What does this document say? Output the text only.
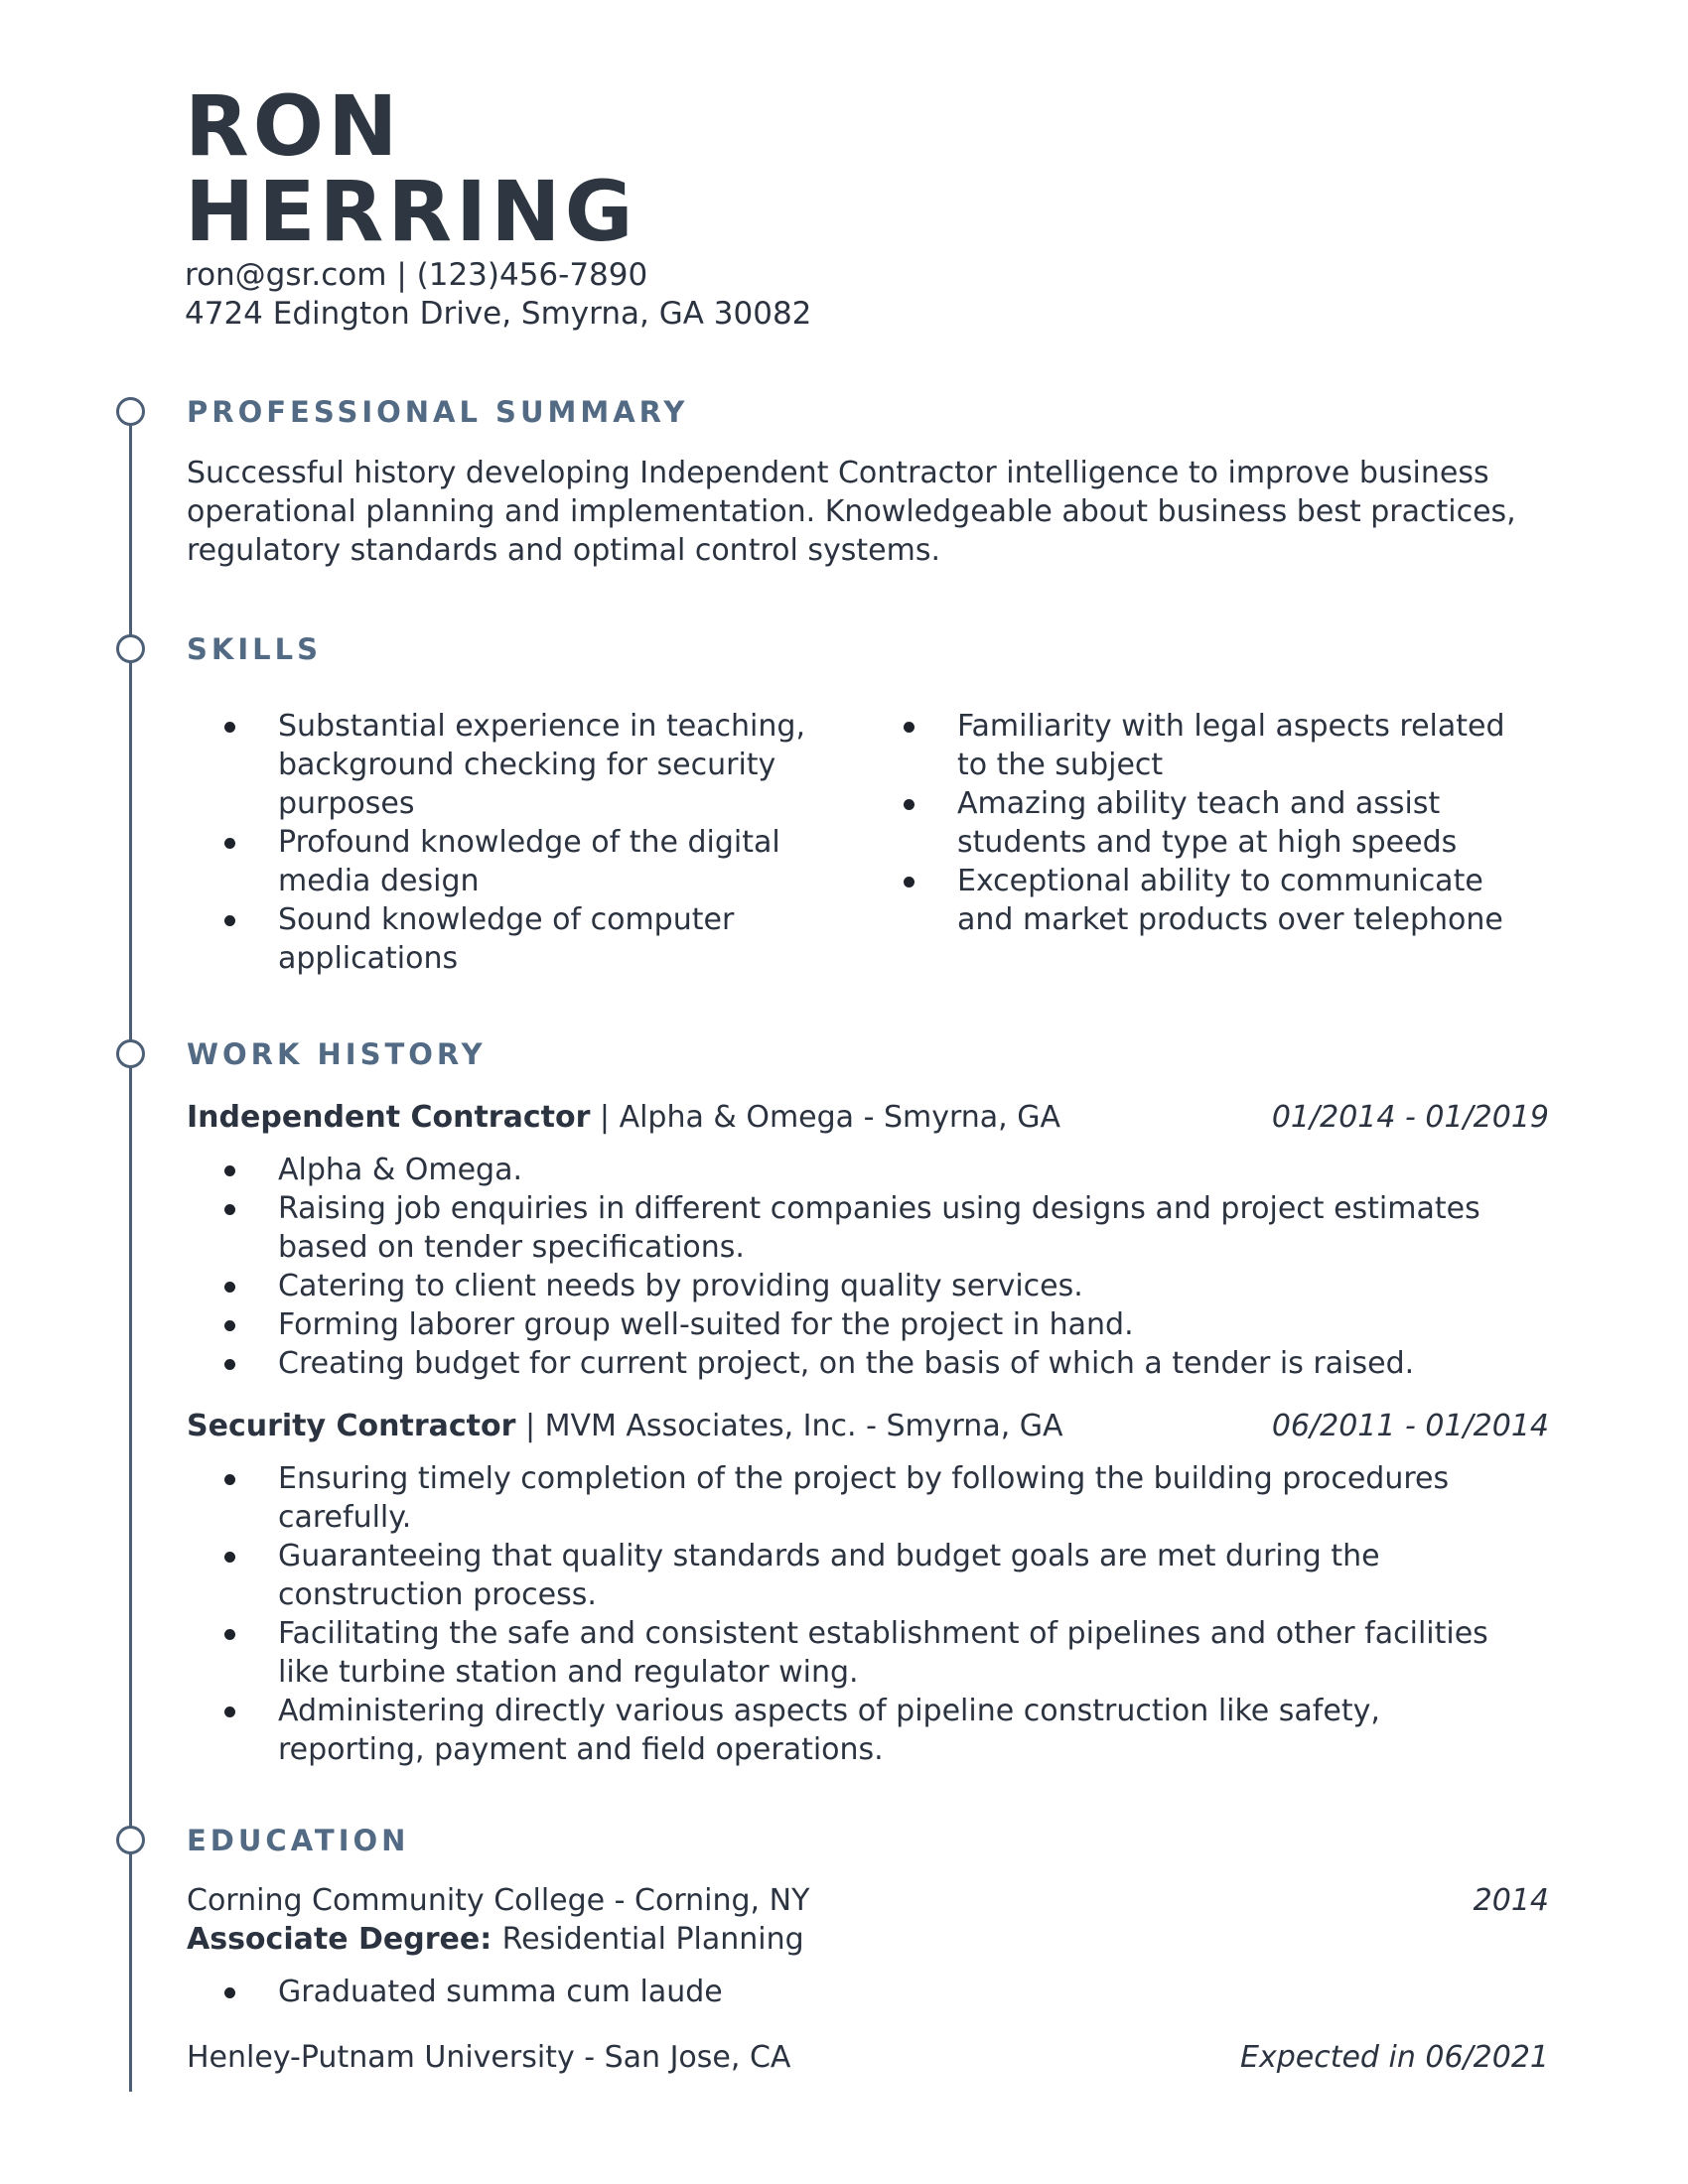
RON
HERRING
ron@gsr.com | (123)456-7890
4724 Edington Drive, Smyrna, GA 30082
PROFESSIONAL SUMMARY
Successful history developing Independent Contractor intelligence to improve business
operational planning and implementation. Knowledgeable about business best practices,
regulatory standards and optimal control systems.
SKILLS
Substantial experience in teaching,
background checking for security
purposes
Profound knowledge of the digital
media design
Sound knowledge of computer
applications
Familiarity with legal aspects related
to the subject
Amazing ability teach and assist
students and type at high speeds
Exceptional ability to communicate
and market products over telephone
WORK HISTORY
Independent Contractor | Alpha & Omega - Smyrna, GA	01/2014 - 01/2019
Alpha & Omega.
Raising job enquiries in different companies using designs and project estimates
based on tender specifications.
Catering to client needs by providing quality services.
Forming laborer group well-suited for the project in hand.
Creating budget for current project, on the basis of which a tender is raised.
Security Contractor | MVM Associates, Inc. - Smyrna, GA	06/2011 - 01/2014
Ensuring timely completion of the project by following the building procedures
carefully.
Guaranteeing that quality standards and budget goals are met during the
construction process.
Facilitating the safe and consistent establishment of pipelines and other facilities
like turbine station and regulator wing.
Administering directly various aspects of pipeline construction like safety,
reporting, payment and field operations.
EDUCATION
Corning Community College - Corning, NY	2014
Associate Degree: Residential Planning
Graduated summa cum laude
Henley-Putnam University - San Jose, CA	Expected in 06/2021
